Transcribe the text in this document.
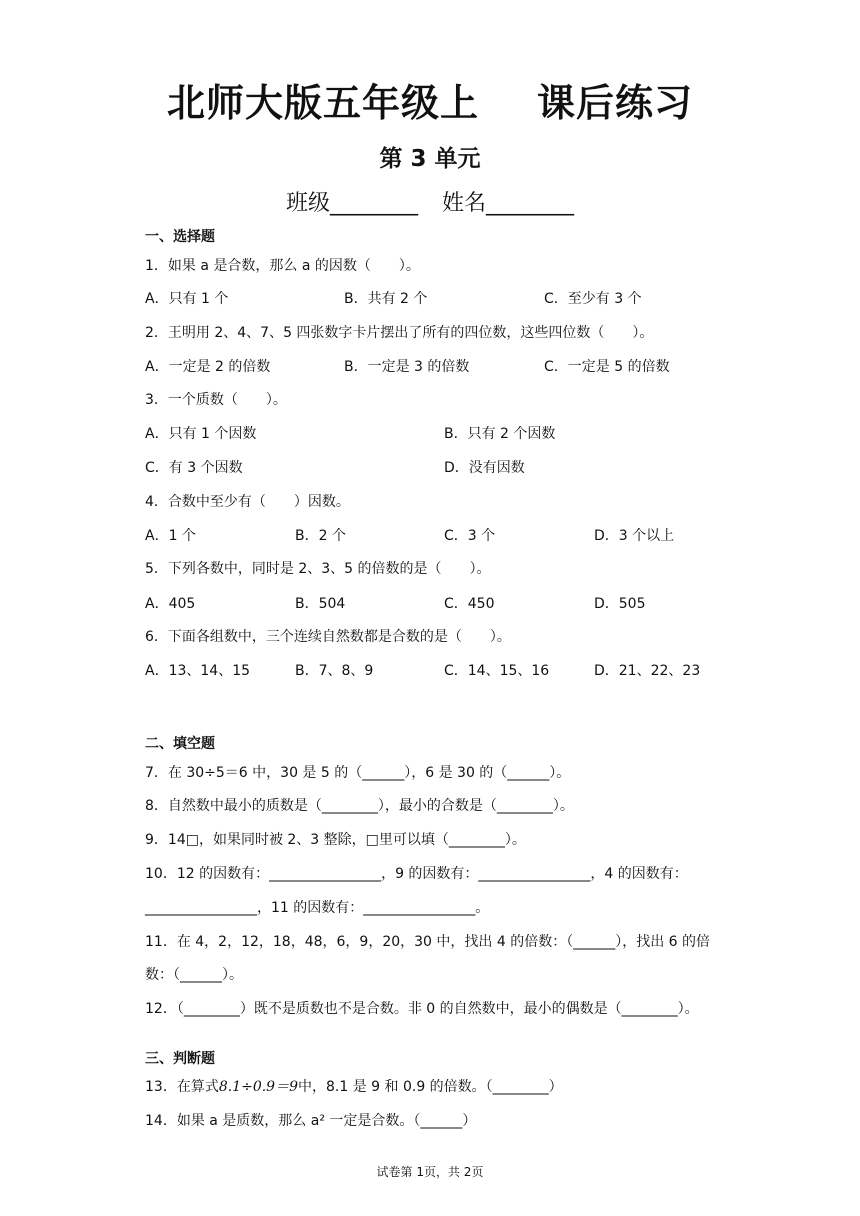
北师大版五年级上 课后练习
第 3 单元
班级________ 姓名________
一、选择题
1．如果 a 是合数，那么 a 的因数（　　）。
A．只有 1 个	B．共有 2 个	C．至少有 3 个
2．王明用 2、4、7、5 四张数字卡片摆出了所有的四位数，这些四位数（　　）。
A．一定是 2 的倍数	B．一定是 3 的倍数	C．一定是 5 的倍数
3．一个质数（　　）。
A．只有 1 个因数	B．只有 2 个因数
C．有 3 个因数	D．没有因数
4．合数中至少有（　　）因数。
A．1 个	B．2 个	C．3 个	D．3 个以上
5．下列各数中，同时是 2、3、5 的倍数的是（　　）。
A．405	B．504	C．450	D．505
6．下面各组数中，三个连续自然数都是合数的是（　　）。
A．13、14、15	B．7、8、9	C．14、15、16	D．21、22、23
二、填空题
7．在 30÷5＝6 中，30 是 5 的（______），6 是 30 的（______）。
8．自然数中最小的质数是（________），最小的合数是（________）。
9．14□，如果同时被 2、3 整除，□里可以填（________）。
10．12 的因数有：________________，9 的因数有：________________，4 的因数有：
________________，11 的因数有：________________。
11．在 4，2，12，18，48，6，9，20，30 中，找出 4 的倍数：（______），找出 6 的倍
数：（______）。
12．（________）既不是质数也不是合数。非 0 的自然数中，最小的偶数是（________）。
三、判断题
13．在算式8.1÷0.9＝9中，8.1 是 9 和 0.9 的倍数。（________）
14．如果 a 是质数，那么 a² 一定是合数。（______）
试卷第 1页，共 2页
